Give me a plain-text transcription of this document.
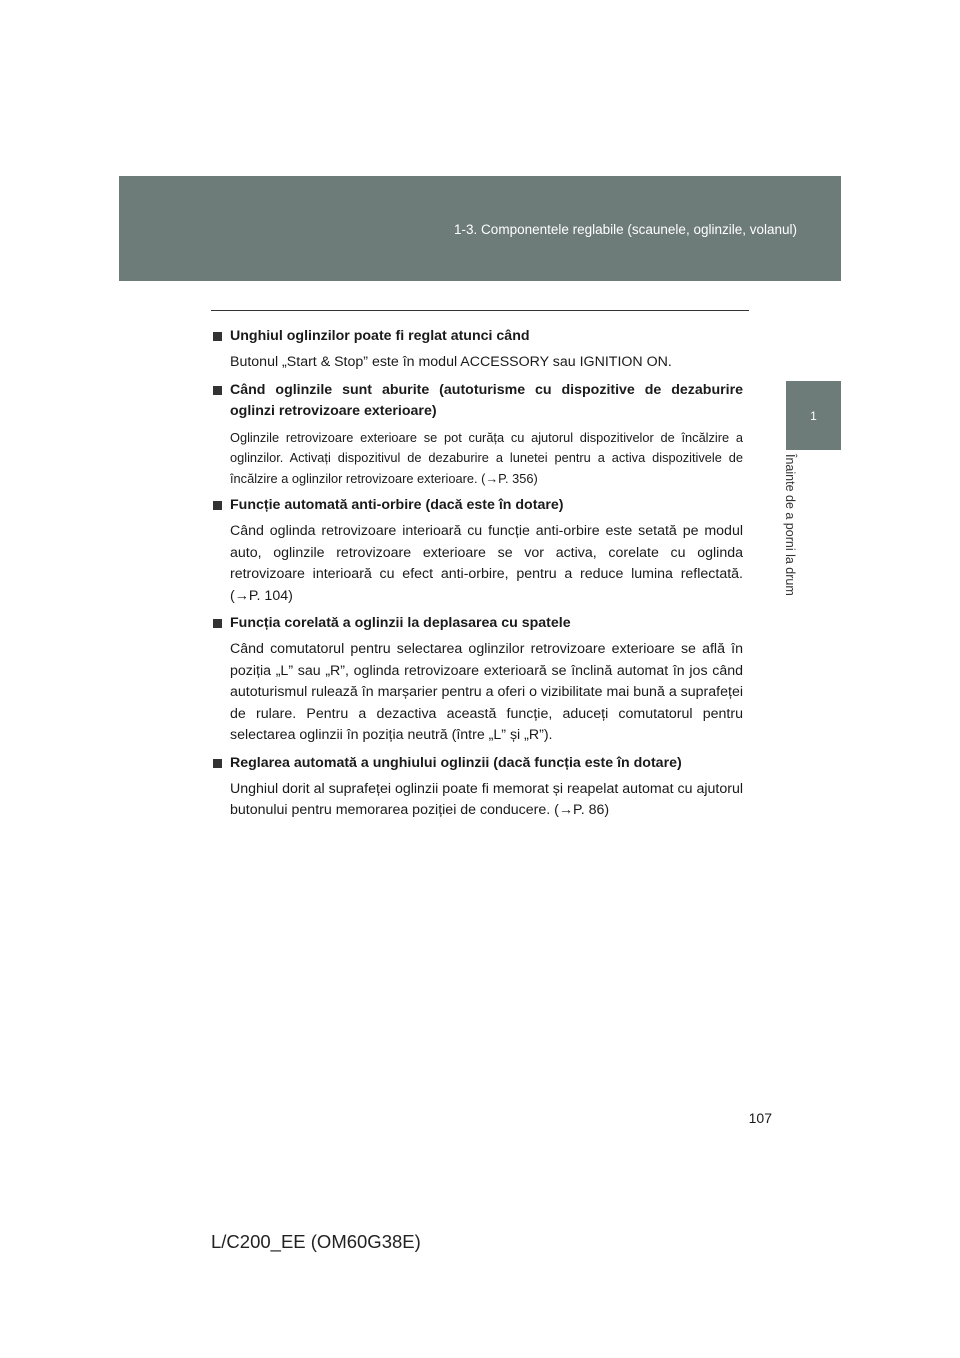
1-3. Componentele reglabile (scaunele, oglinzile, volanul)
1
Înainte de a porni la drum
Unghiul oglinzilor poate fi reglat atunci când
Butonul „Start & Stop” este în modul ACCESSORY sau IGNITION ON.
Când oglinzile sunt aburite (autoturisme cu dispozitive de dezaburire oglinzi retrovizoare exterioare)
Oglinzile retrovizoare exterioare se pot curăța cu ajutorul dispozitivelor de încălzire a oglinzilor. Activați dispozitivul de dezaburire a lunetei pentru a activa dispozitivele de încălzire a oglinzilor retrovizoare exterioare. (→P. 356)
Funcție automată anti-orbire (dacă este în dotare)
Când oglinda retrovizoare interioară cu funcție anti-orbire este setată pe modul auto, oglinzile retrovizoare exterioare se vor activa, corelate cu oglinda retrovizoare interioară cu efect anti-orbire, pentru a reduce lumina reflectată. (→P. 104)
Funcția corelată a oglinzii la deplasarea cu spatele
Când comutatorul pentru selectarea oglinzilor retrovizoare exterioare se află în poziția „L” sau „R”, oglinda retrovizoare exterioară se înclină automat în jos când autoturismul rulează în marșarier pentru a oferi o vizibilitate mai bună a suprafeței de rulare. Pentru a dezactiva această funcție, aduceți comutatorul pentru selectarea oglinzii în poziția neutră (între „L” și „R”).
Reglarea automată a unghiului oglinzii (dacă funcția este în dotare)
Unghiul dorit al suprafeței oglinzii poate fi memorat și reapelat automat cu ajutorul butonului pentru memorarea poziției de conducere. (→P. 86)
107
L/C200_EE (OM60G38E)
